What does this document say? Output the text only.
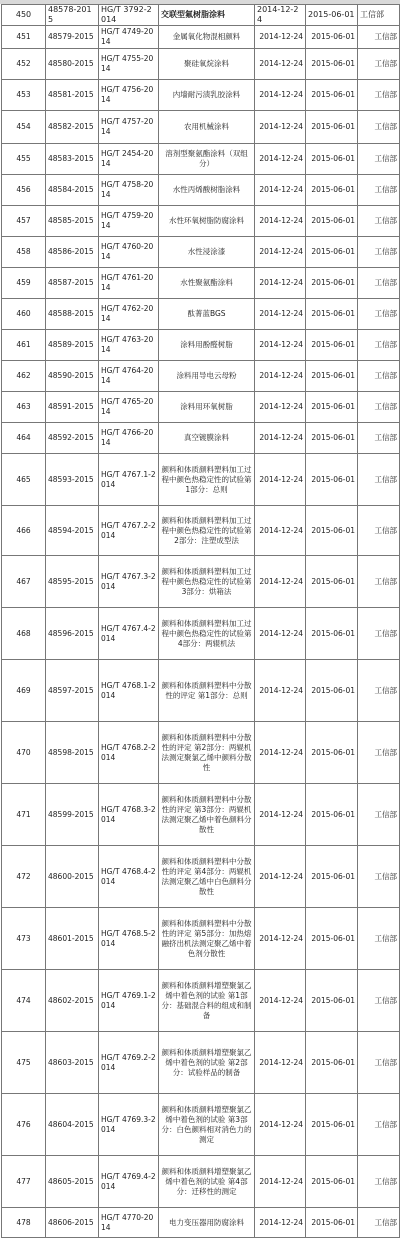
450	48578-2015	HG/T 3792-2014	交联型氟树脂涂料	2014-12-24	2015-06-01	工信部
451	48579-2015	HG/T 4749-2014	金属氧化物混相颜料	2014-12-24	2015-06-01	工信部
452	48580-2015	HG/T 4755-2014	聚硅氧烷涂料	2014-12-24	2015-06-01	工信部
453	48581-2015	HG/T 4756-2014	内墙耐污渍乳胶涂料	2014-12-24	2015-06-01	工信部
454	48582-2015	HG/T 4757-2014	农用机械涂料	2014-12-24	2015-06-01	工信部
455	48583-2015	HG/T 2454-2014	溶剂型聚氨酯涂料（双组分）	2014-12-24	2015-06-01	工信部
456	48584-2015	HG/T 4758-2014	水性丙烯酸树脂涂料	2014-12-24	2015-06-01	工信部
457	48585-2015	HG/T 4759-2014	水性环氧树脂防腐涂料	2014-12-24	2015-06-01	工信部
458	48586-2015	HG/T 4760-2014	水性浸涂漆	2014-12-24	2015-06-01	工信部
459	48587-2015	HG/T 4761-2014	水性聚氨酯涂料	2014-12-24	2015-06-01	工信部
460	48588-2015	HG/T 4762-2014	酞菁蓝BGS	2014-12-24	2015-06-01	工信部
461	48589-2015	HG/T 4763-2014	涂料用酚醛树脂	2014-12-24	2015-06-01	工信部
462	48590-2015	HG/T 4764-2014	涂料用导电云母粉	2014-12-24	2015-06-01	工信部
463	48591-2015	HG/T 4765-2014	涂料用环氧树脂	2014-12-24	2015-06-01	工信部
464	48592-2015	HG/T 4766-2014	真空镀膜涂料	2014-12-24	2015-06-01	工信部
465	48593-2015	HG/T 4767.1-2014	颜料和体质颜料塑料加工过程中颜色热稳定性的试验第1部分：总则	2014-12-24	2015-06-01	工信部
466	48594-2015	HG/T 4767.2-2014	颜料和体质颜料塑料加工过程中颜色热稳定性的试验第2部分：注塑成型法	2014-12-24	2015-06-01	工信部
467	48595-2015	HG/T 4767.3-2014	颜料和体质颜料塑料加工过程中颜色热稳定性的试验第3部分：烘箱法	2014-12-24	2015-06-01	工信部
468	48596-2015	HG/T 4767.4-2014	颜料和体质颜料塑料加工过程中颜色热稳定性的试验第4部分：两辊机法	2014-12-24	2015-06-01	工信部
469	48597-2015	HG/T 4768.1-2014	颜料和体质颜料塑料中分散性的评定 第1部分：总则	2014-12-24	2015-06-01	工信部
470	48598-2015	HG/T 4768.2-2014	颜料和体质颜料塑料中分散性的评定 第2部分：两辊机法测定聚氯乙烯中颜料分散性	2014-12-24	2015-06-01	工信部
471	48599-2015	HG/T 4768.3-2014	颜料和体质颜料塑料中分散性的评定 第3部分：两辊机法测定聚乙烯中着色颜料分散性	2014-12-24	2015-06-01	工信部
472	48600-2015	HG/T 4768.4-2014	颜料和体质颜料塑料中分散性的评定 第4部分：两辊机法测定聚乙烯中白色颜料分散性	2014-12-24	2015-06-01	工信部
473	48601-2015	HG/T 4768.5-2014	颜料和体质颜料塑料中分散性的评定 第5部分：加热熔融挤出机法测定聚乙烯中着色剂分散性	2014-12-24	2015-06-01	工信部
474	48602-2015	HG/T 4769.1-2014	颜料和体质颜料增塑聚氯乙烯中着色剂的试验 第1部分：基础混合料的组成和制备	2014-12-24	2015-06-01	工信部
475	48603-2015	HG/T 4769.2-2014	颜料和体质颜料增塑聚氯乙烯中着色剂的试验 第2部分：试验样品的制备	2014-12-24	2015-06-01	工信部
476	48604-2015	HG/T 4769.3-2014	颜料和体质颜料增塑聚氯乙烯中着色剂的试验 第3部分：白色颜料相对消色力的测定	2014-12-24	2015-06-01	工信部
477	48605-2015	HG/T 4769.4-2014	颜料和体质颜料增塑聚氯乙烯中着色剂的试验 第4部分：迁移性的测定	2014-12-24	2015-06-01	工信部
478	48606-2015	HG/T 4770-2014	电力变压器用防腐涂料	2014-12-24	2015-06-01	工信部
